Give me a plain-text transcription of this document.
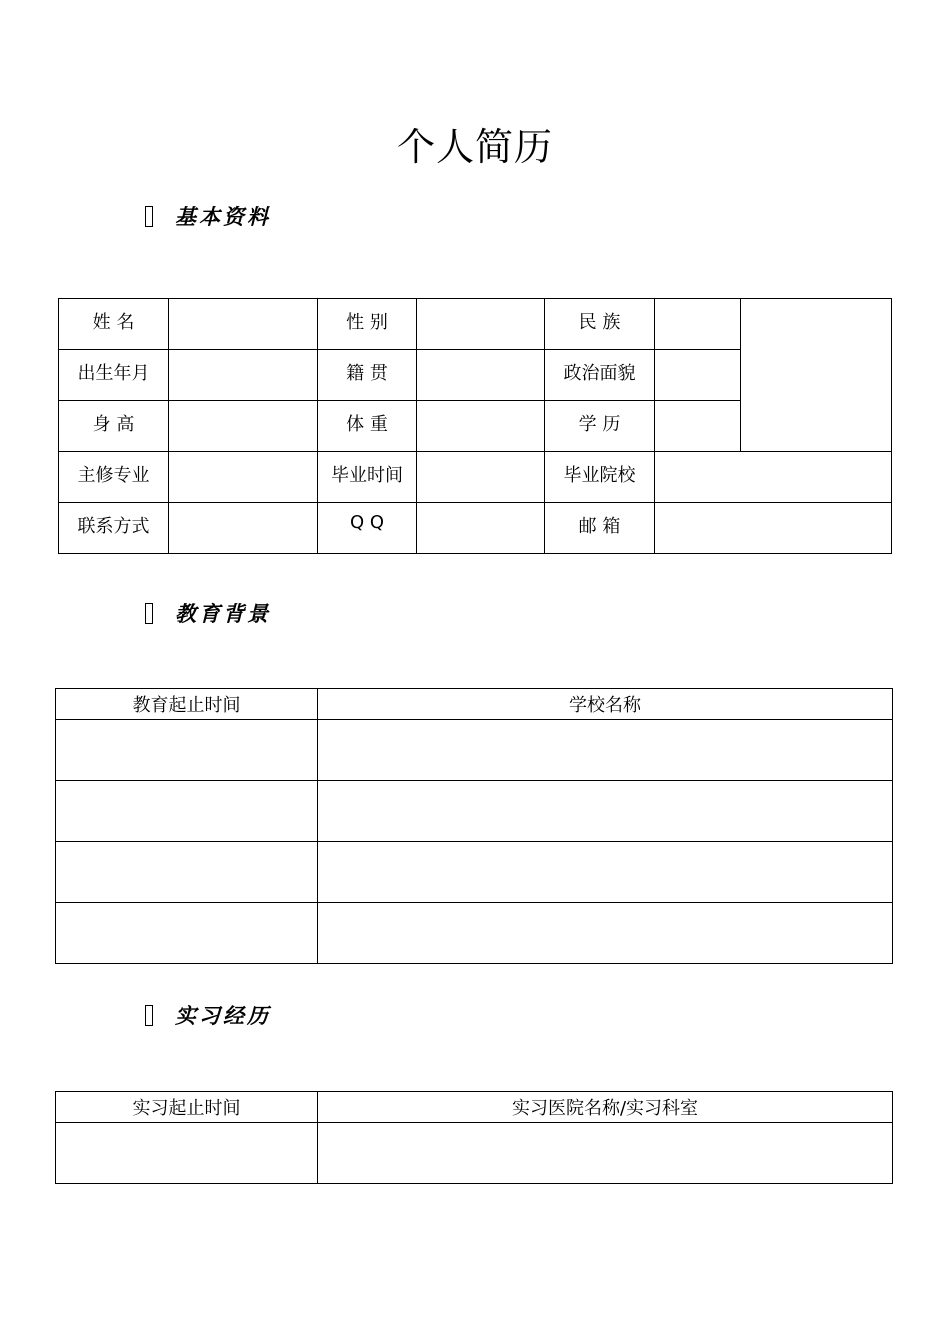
个人简历
基本资料
姓 名		性 别		民 族		
出生年月		籍 贯		政治面貌		
身 高		体 重		学 历		
主修专业		毕业时间		毕业院校		
联系方式		Q Q		邮 箱		
教育背景
教育起止时间	学校名称

实习经历
实习起止时间	实习医院名称/实习科室
